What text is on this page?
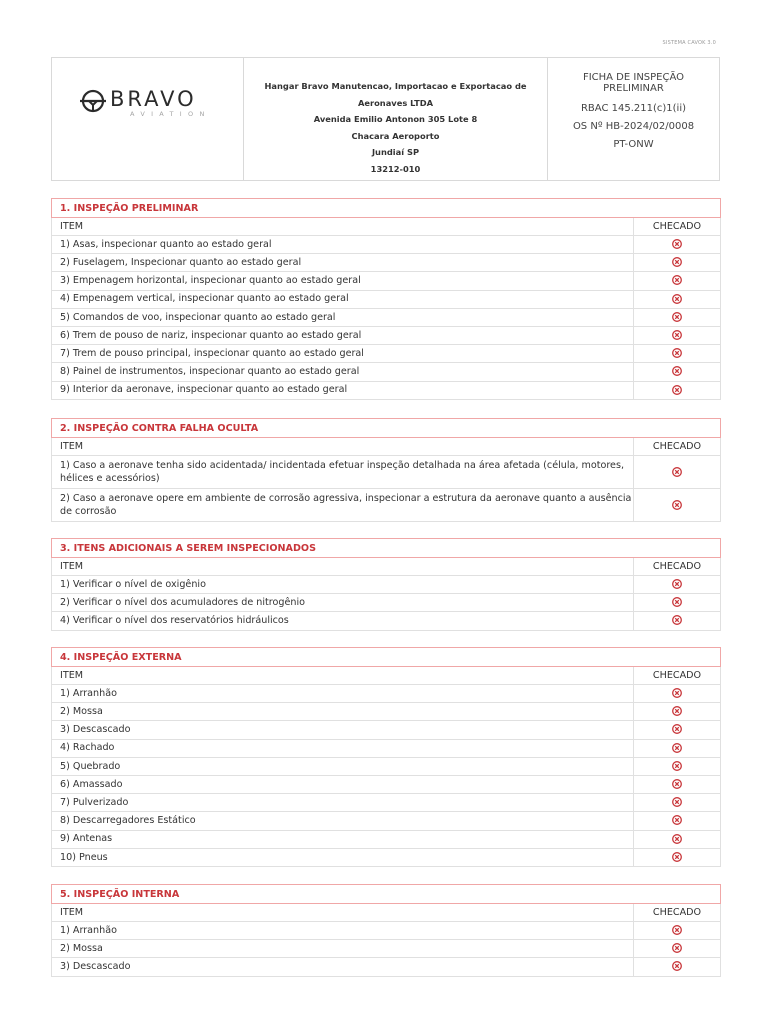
SISTEMA CAVOK 3.0
BRAVO
AVIATION
Hangar Bravo Manutencao, Importacao e Exportacao de
Aeronaves LTDA
Avenida Emilio Antonon 305 Lote 8
Chacara Aeroporto
Jundiaí SP
13212-010
FICHA DE INSPEÇÃO PRELIMINAR
RBAC 145.211(c)1(ii)
OS Nº HB-2024/02/0008
PT-ONW
1. INSPEÇÃO PRELIMINAR	
ITEM	CHECADO
1) Asas, inspecionar quanto ao estado geral	
2) Fuselagem, Inspecionar quanto ao estado geral	
3) Empenagem horizontal, inspecionar quanto ao estado geral	
4) Empenagem vertical, inspecionar quanto ao estado geral	
5) Comandos de voo, inspecionar quanto ao estado geral	
6) Trem de pouso de nariz, inspecionar quanto ao estado geral	
7) Trem de pouso principal, inspecionar quanto ao estado geral	
8) Painel de instrumentos, inspecionar quanto ao estado geral	
9) Interior da aeronave, inspecionar quanto ao estado geral	
2. INSPEÇÃO CONTRA FALHA OCULTA	
ITEM	CHECADO
1) Caso a aeronave tenha sido acidentada/ incidentada efetuar inspeção detalhada na área afetada (célula, motores, hélices e acessórios)	
2) Caso a aeronave opere em ambiente de corrosão agressiva, inspecionar a estrutura da aeronave quanto a ausência de corrosão	
3. ITENS ADICIONAIS A SEREM INSPECIONADOS	
ITEM	CHECADO
1) Verificar o nível de oxigênio	
2) Verificar o nível dos acumuladores de nitrogênio	
4) Verificar o nível dos reservatórios hidráulicos	
4. INSPEÇÃO EXTERNA	
ITEM	CHECADO
1) Arranhão	
2) Mossa	
3) Descascado	
4) Rachado	
5) Quebrado	
6) Amassado	
7) Pulverizado	
8) Descarregadores Estático	
9) Antenas	
10) Pneus	
5. INSPEÇÃO INTERNA	
ITEM	CHECADO
1) Arranhão	
2) Mossa	
3) Descascado	
